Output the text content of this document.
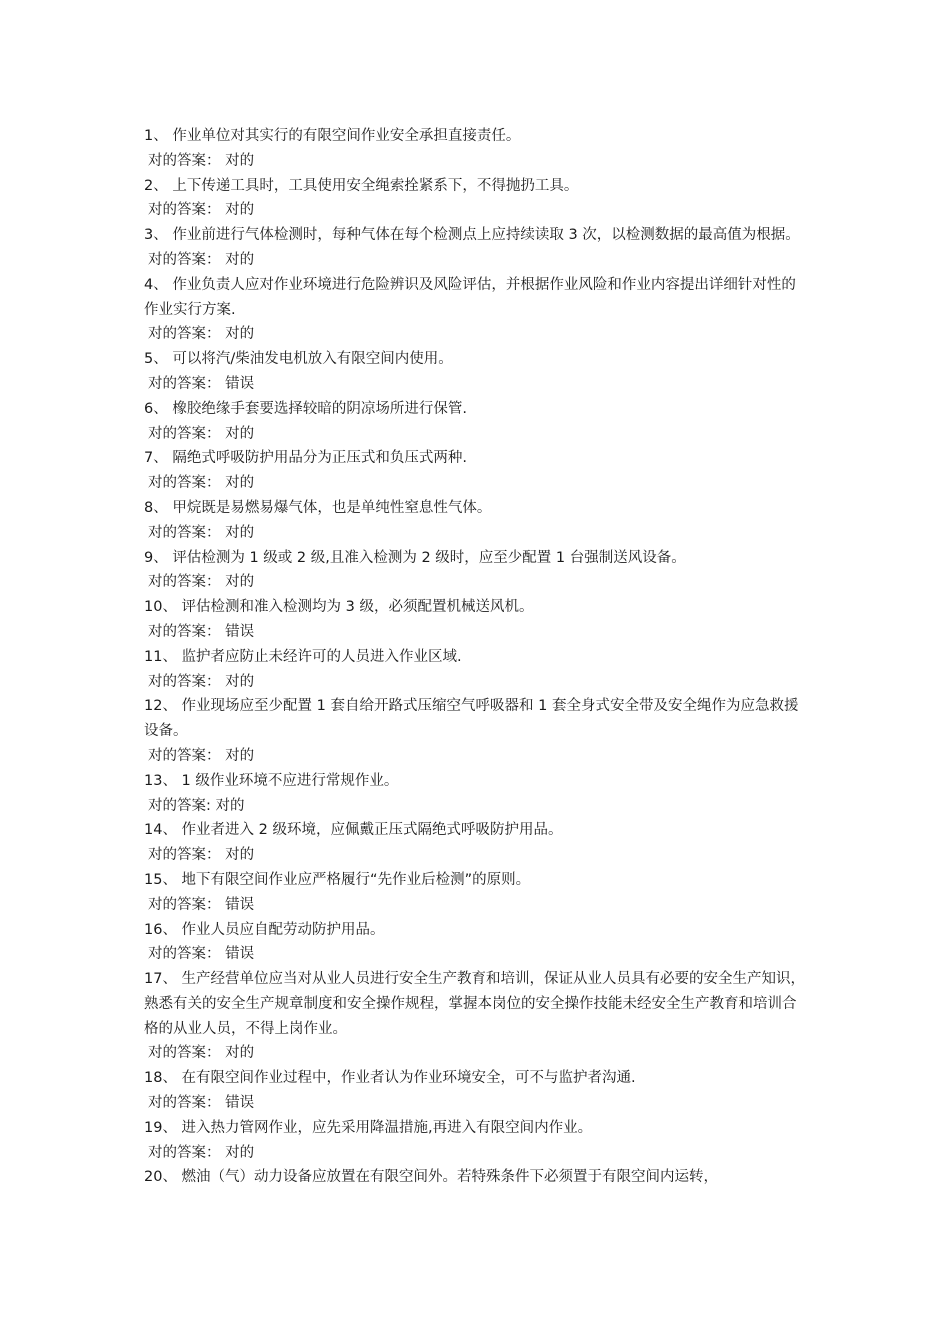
1、 作业单位对其实行的有限空间作业安全承担直接责任。

对的答案： 对的

2、 上下传递工具时，工具使用安全绳索拴紧系下，不得抛扔工具。

对的答案： 对的

3、 作业前进行气体检测时，每种气体在每个检测点上应持续读取 3 次，以检测数据的最高值为根据。

对的答案： 对的

4、 作业负责人应对作业环境进行危险辨识及风险评估，并根据作业风险和作业内容提出详细针对性的作业实行方案.

对的答案： 对的

5、 可以将汽/柴油发电机放入有限空间内使用。

对的答案： 错误

6、 橡胶绝缘手套要选择较暗的阴凉场所进行保管.

对的答案： 对的

7、 隔绝式呼吸防护用品分为正压式和负压式两种.

对的答案： 对的

8、 甲烷既是易燃易爆气体，也是单纯性窒息性气体。

对的答案： 对的

9、 评估检测为 1 级或 2 级,且准入检测为 2 级时，应至少配置 1 台强制送风设备。

对的答案： 对的

10、 评估检测和准入检测均为 3 级，必须配置机械送风机。

对的答案： 错误

11、 监护者应防止未经许可的人员进入作业区域.

对的答案： 对的

12、 作业现场应至少配置 1 套自给开路式压缩空气呼吸器和 1 套全身式安全带及安全绳作为应急救援设备。

对的答案： 对的

13、 1 级作业环境不应进行常规作业。

对的答案: 对的

14、 作业者进入 2 级环境，应佩戴正压式隔绝式呼吸防护用品。

对的答案： 对的

15、 地下有限空间作业应严格履行“先作业后检测”的原则。

对的答案： 错误

16、 作业人员应自配劳动防护用品。

对的答案： 错误

17、 生产经营单位应当对从业人员进行安全生产教育和培训，保证从业人员具有必要的安全生产知识，熟悉有关的安全生产规章制度和安全操作规程，掌握本岗位的安全操作技能未经安全生产教育和培训合格的从业人员，不得上岗作业。

对的答案： 对的

18、 在有限空间作业过程中，作业者认为作业环境安全，可不与监护者沟通.

对的答案： 错误

19、 进入热力管网作业，应先采用降温措施,再进入有限空间内作业。

对的答案： 对的

20、 燃油（气）动力设备应放置在有限空间外。若特殊条件下必须置于有限空间内运转，
